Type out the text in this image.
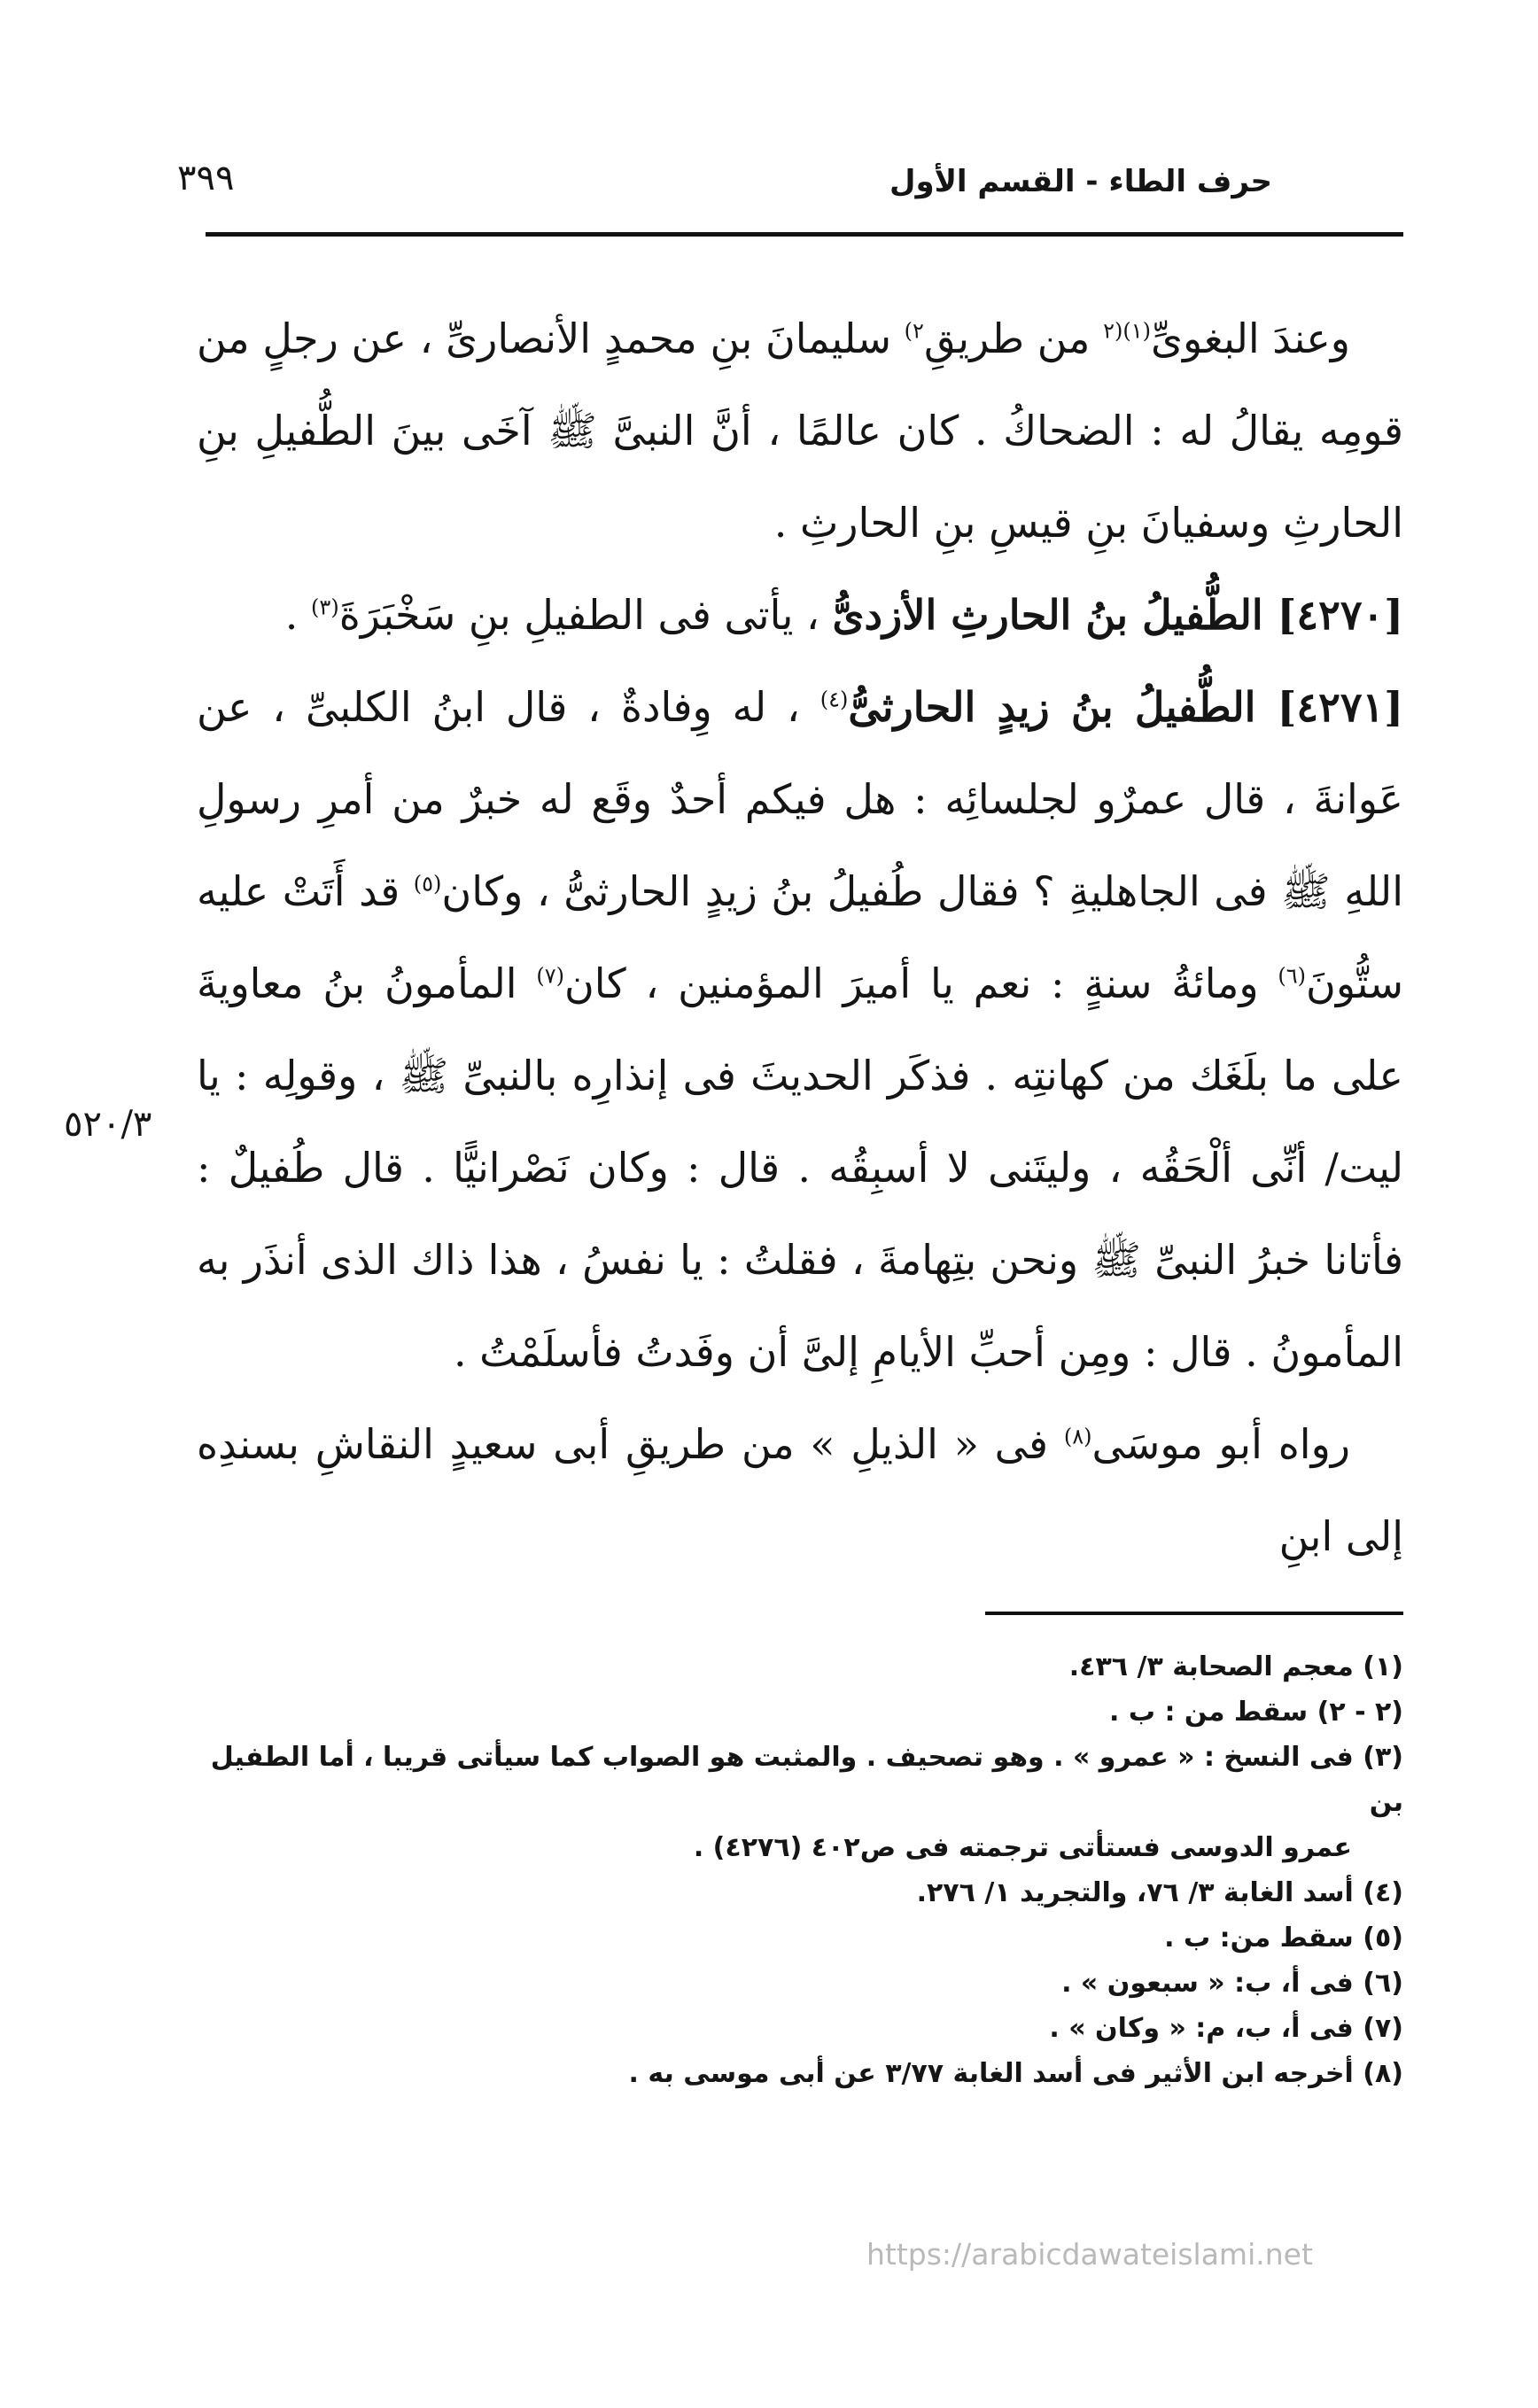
حرف الطاء - القسم الأول
٣٩٩

وعندَ البغوىِّ$^{(١)(٢}$ من طريقِ$^{٢)}$ سليمانَ بنِ محمدٍ الأنصارىِّ ، عن رجلٍ من قومِه يقالُ له : الضحاكُ . كان عالمًا ، أنَّ النبىَّ ﷺ آخَى بينَ الطُّفيلِ بنِ الحارثِ وسفيانَ بنِ قيسِ بنِ الحارثِ .

[٤٢٧٠] الطُّفيلُ بنُ الحارثِ الأزدىُّ ، يأتى فى الطفيلِ بنِ سَخْبَرَةَ$^{(٣)}$ .

[٤٢٧١] الطُّفيلُ بنُ زيدٍ الحارثىُّ$^{(٤)}$ ، له وِفادةٌ ، قال ابنُ الكلبىِّ ، عن عَوانةَ ، قال عمرٌو لجلسائِه : هل فيكم أحدٌ وقَع له خبرٌ من أمرِ رسولِ اللهِ ﷺ فى الجاهليةِ ؟ فقال طُفيلُ بنُ زيدٍ الحارثىُّ ، وكان$^{(٥)}$ قد أَتَتْ عليه ستُّونَ$^{(٦)}$ ومائةُ سنةٍ : نعم يا أميرَ المؤمنين ، كان$^{(٧)}$ المأمونُ بنُ معاويةَ على ما بلَغَك من كهانتِه . فذكَر الحديثَ فى إنذارِه بالنبىِّ ﷺ ، وقولِه : يا ليت/ أنِّى ألْحَقُه ، وليتَنى لا أسبِقُه . قال : وكان نَصْرانيًّا . قال طُفيلٌ : فأتانا خبرُ النبىِّ ﷺ ونحن بتِهامةَ ، فقلتُ : يا نفسُ ، هذا ذاك الذى أنذَر به المأمونُ . قال : ومِن أحبِّ الأيامِ إلىَّ أن وفَدتُ فأسلَمْتُ .

رواه أبو موسَى$^{(٨)}$ فى « الذيلِ » من طريقِ أبى سعيدٍ النقاشِ بسندِه إلى ابنِ

٥٢٠/٣

(١) معجم الصحابة ٣/ ٤٣٦.

(٢ - ٢) سقط من : ب .

(٣) فى النسخ : « عمرو » . وهو تصحيف . والمثبت هو الصواب كما سيأتى قريبا ، أما الطفيل بن

عمرو الدوسى فستأتى ترجمته فى ص٤٠٢ (٤٢٧٦) .

(٤) أسد الغابة ٣/ ٧٦، والتجريد ١/ ٢٧٦.

(٥) سقط من: ب .

(٦) فى أ، ب: « سبعون » .

(٧) فى أ، ب، م: « وكان » .

(٨) أخرجه ابن الأثير فى أسد الغابة ٣/٧٧ عن أبى موسى به .

https://arabicdawateislami.net
